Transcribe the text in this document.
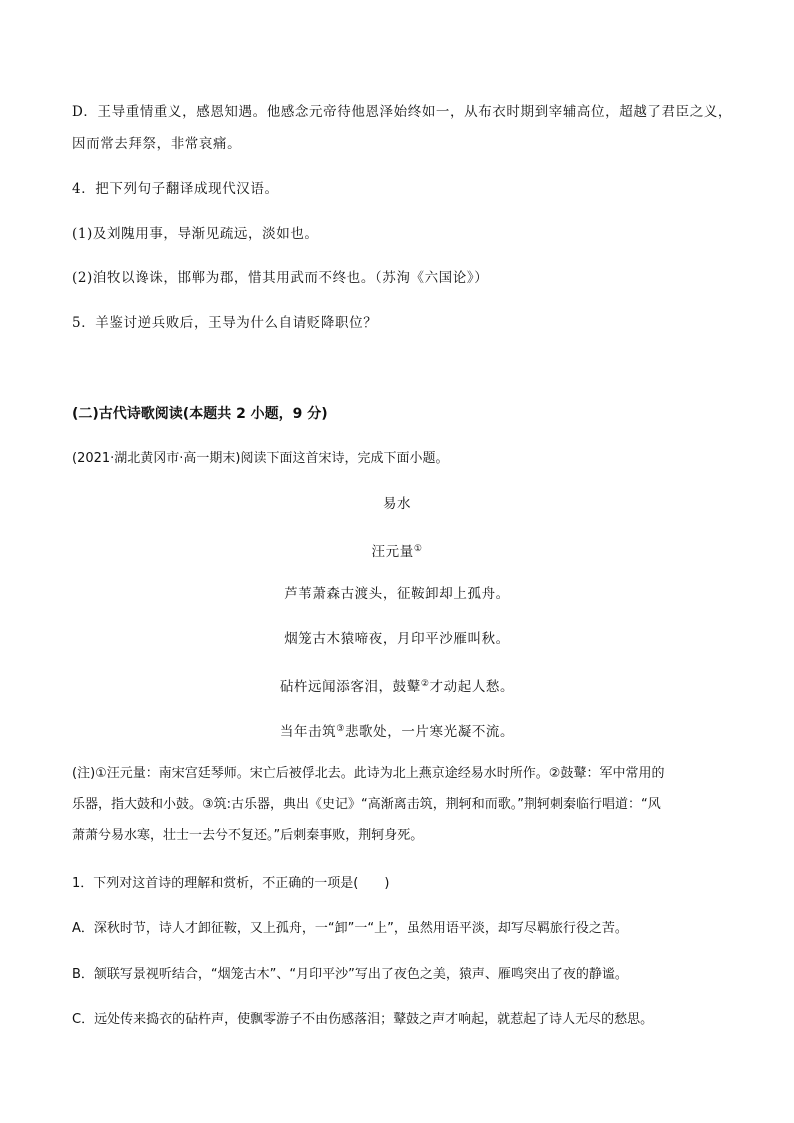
D．王导重情重义，感恩知遇。他感念元帝待他恩泽始终如一，从布衣时期到宰辅高位，超越了君臣之义，
因而常去拜祭，非常哀痛。
4．把下列句子翻译成现代汉语。
(1)及刘隗用事，导渐见疏远，淡如也。
(2)洎牧以谗诛，邯郸为郡，惜其用武而不终也。（苏洵《六国论》）
5．羊鉴讨逆兵败后，王导为什么自请贬降职位？
(二)古代诗歌阅读(本题共 2 小题，9 分)
(2021·湖北黄冈市·高一期末)阅读下面这首宋诗，完成下面小题。
易水
汪元量①
芦苇萧森古渡头，征鞍卸却上孤舟。
烟笼古木猿啼夜，月印平沙雁叫秋。
砧杵远闻添客泪，鼓鼙②才动起人愁。
当年击筑③悲歌处，一片寒光凝不流。
(注)①汪元量：南宋宫廷琴师。宋亡后被俘北去。此诗为北上燕京途经易水时所作。②鼓鼙：军中常用的
乐器，指大鼓和小鼓。③筑:古乐器，典出《史记》“高渐离击筑，荆轲和而歌。”荆轲刺秦临行唱道：“风
萧萧兮易水寒，壮士一去兮不复还。”后刺秦事败，荆轲身死。
1．下列对这首诗的理解和赏析，不正确的一项是(　　)
A．深秋时节，诗人才卸征鞍，又上孤舟，一“卸”一“上”，虽然用语平淡，却写尽羁旅行役之苦。
B．颔联写景视听结合，“烟笼古木”、“月印平沙”写出了夜色之美，猿声、雁鸣突出了夜的静谧。
C．远处传来捣衣的砧杵声，使飘零游子不由伤感落泪；鼙鼓之声才响起，就惹起了诗人无尽的愁思。
